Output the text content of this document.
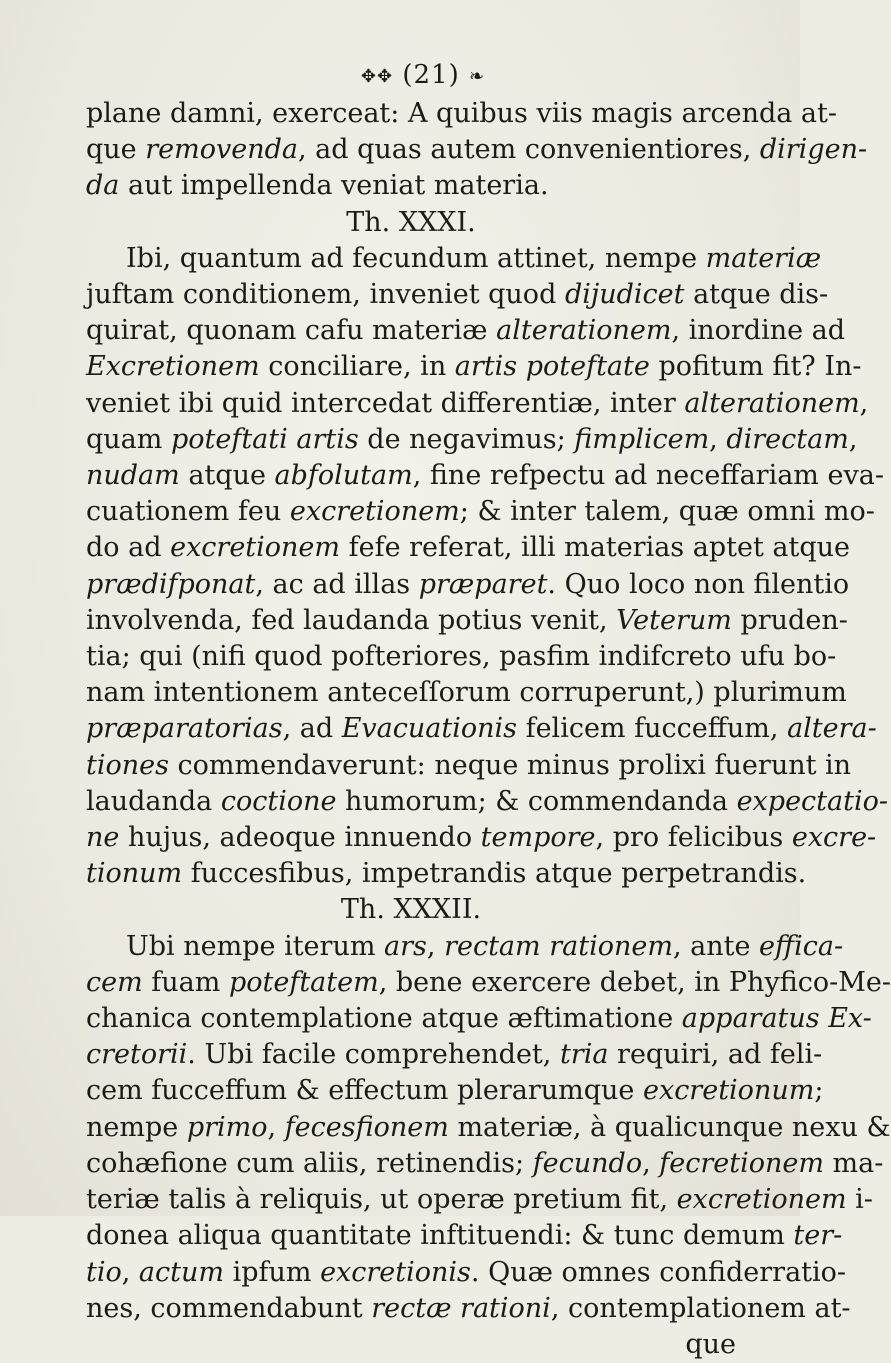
✥✥ (21) ❧
plane damni, exerceat: A quibus viis magis arcenda at-
que removenda, ad quas autem convenientiores, dirigen-
da aut impellenda veniat materia.
Th. XXXI.
Ibi, quantum ad fecundum attinet, nempe materiæ
juftam conditionem, inveniet quod dijudicet atque dis-
quirat, quonam cafu materiæ alterationem, inordine ad
Excretionem conciliare, in artis poteftate pofitum fit? In-
veniet ibi quid intercedat differentiæ, inter alterationem,
quam poteftati artis de negavimus; fimplicem, directam,
nudam atque abfolutam, fine refpectu ad neceffariam eva-
cuationem feu excretionem; & inter talem, quæ omni mo-
do ad excretionem fefe referat, illi materias aptet atque
prædifponat, ac ad illas præparet. Quo loco non filentio
involvenda, fed laudanda potius venit, Veterum pruden-
tia; qui (nifi quod pofteriores, pasfim indifcreto ufu bo-
nam intentionem anteceſſorum corruperunt,) plurimum
præparatorias, ad Evacuationis felicem fucceffum, altera-
tiones commendaverunt: neque minus prolixi fuerunt in
laudanda coctione humorum; & commendanda expectatio-
ne hujus, adeoque innuendo tempore, pro felicibus excre-
tionum fuccesfibus, impetrandis atque perpetrandis.
Th. XXXII.
Ubi nempe iterum ars, rectam rationem, ante effica-
cem fuam poteftatem, bene exercere debet, in Phyfico-Me-
chanica contemplatione atque æftimatione apparatus Ex-
cretorii. Ubi facile comprehendet, tria requiri, ad feli-
cem fucceffum & effectum plerarumque excretionum;
nempe primo, fecesfionem materiæ, à qualicunque nexu &
cohæfione cum aliis, retinendis; fecundo, fecretionem ma-
teriæ talis à reliquis, ut operæ pretium fit, excretionem i-
donea aliqua quantitate inftituendi: & tunc demum ter-
tio, actum ipfum excretionis. Quæ omnes confiderratio-
nes, commendabunt rectæ rationi, contemplationem at-
que
